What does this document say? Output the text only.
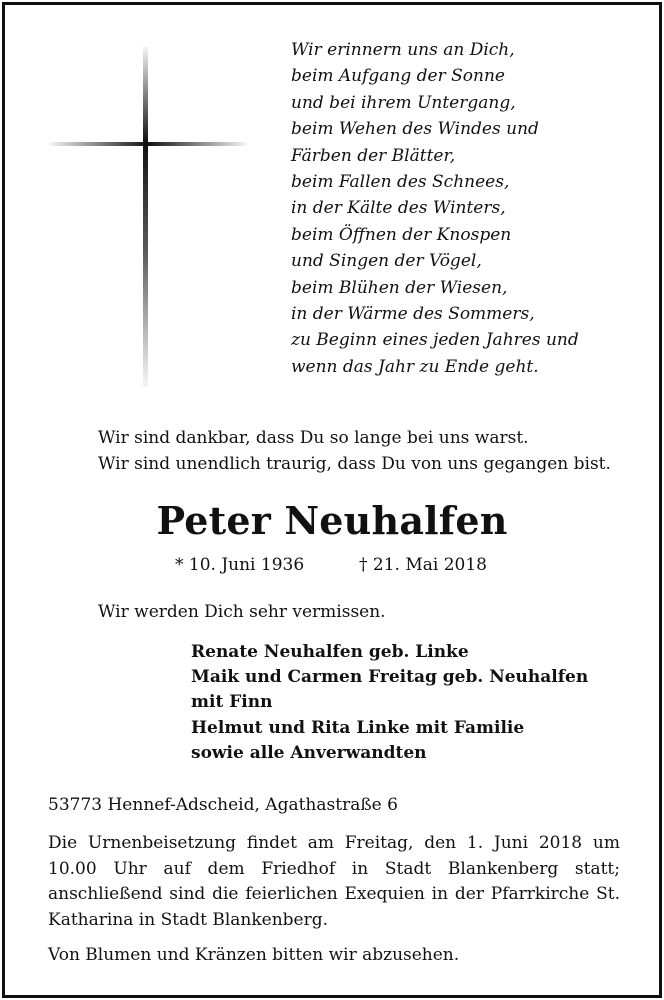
Wir erinnern uns an Dich,
beim Aufgang der Sonne
und bei ihrem Untergang,
beim Wehen des Windes und
Färben der Blätter,
beim Fallen des Schnees,
in der Kälte des Winters,
beim Öffnen der Knospen
und Singen der Vögel,
beim Blühen der Wiesen,
in der Wärme des Sommers,
zu Beginn eines jeden Jahres und
wenn das Jahr zu Ende geht.
Wir sind dankbar, dass Du so lange bei uns warst.
Wir sind unendlich traurig, dass Du von uns gegangen bist.
Peter Neuhalfen
* 10. Juni 1936	† 21. Mai 2018
Wir werden Dich sehr vermissen.
Renate Neuhalfen geb. Linke
Maik und Carmen Freitag geb. Neuhalfen
mit Finn
Helmut und Rita Linke mit Familie
sowie alle Anverwandten
53773 Hennef-Adscheid, Agathastraße 6
Die Urnenbeisetzung findet am Freitag, den 1. Juni 2018 um 10.00 Uhr auf dem Friedhof in Stadt Blankenberg statt; anschließend sind die feierlichen Exequien in der Pfarrkirche St. Katharina in Stadt Blankenberg.
Von Blumen und Kränzen bitten wir abzusehen.
